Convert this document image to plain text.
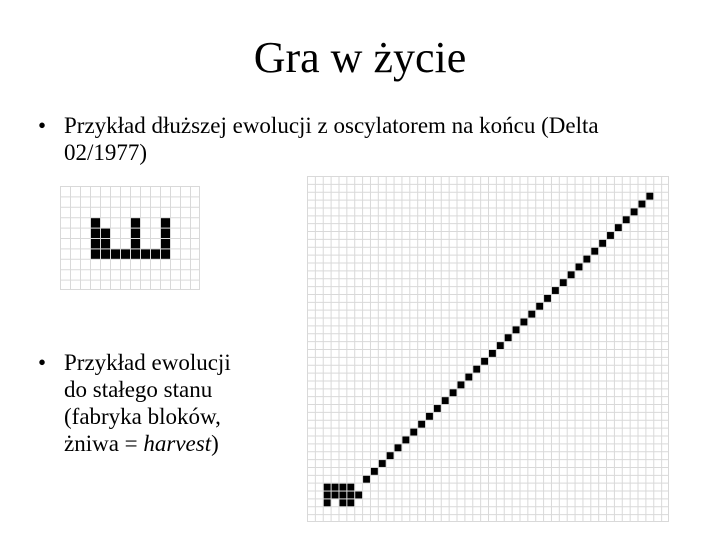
Gra w życie
• Przykład dłuższej ewolucji z oscylatorem na końcu (Delta 02/1977)
• Przykład ewolucji
do stałego stanu
(fabryka bloków,
żniwa = harvest)
